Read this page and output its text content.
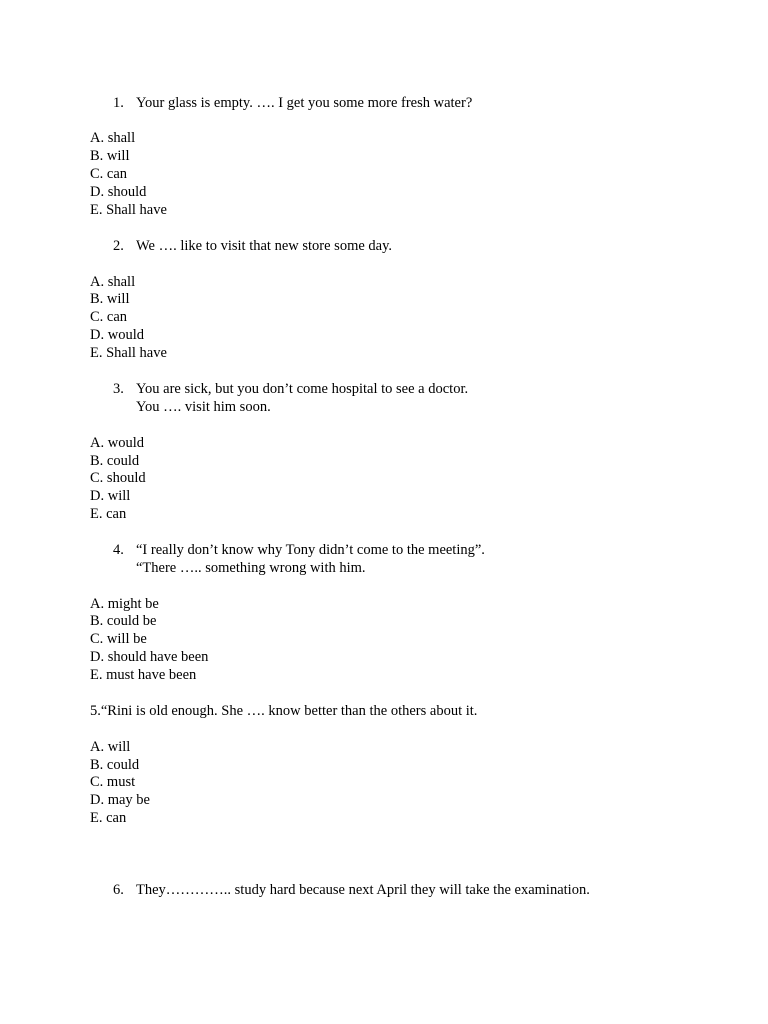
1. Your glass is empty. …. I get you some more fresh water?
A. shall
B. will
C. can
D. should
E. Shall have
2. We …. like to visit that new store some day.
A. shall
B. will
C. can
D. would
E. Shall have
3. You are sick, but you don’t come hospital to see a doctor.
You …. visit him soon.
A. would
B. could
C. should
D. will
E. can
4. “I really don’t know why Tony didn’t come to the meeting”.
“There ….. something wrong with him.
A. might be
B. could be
C. will be
D. should have been
E. must have been
5.“Rini is old enough. She …. know better than the others about it.
A. will
B. could
C. must
D. may be
E. can
6. They………….. study hard because next April they will take the examination.
